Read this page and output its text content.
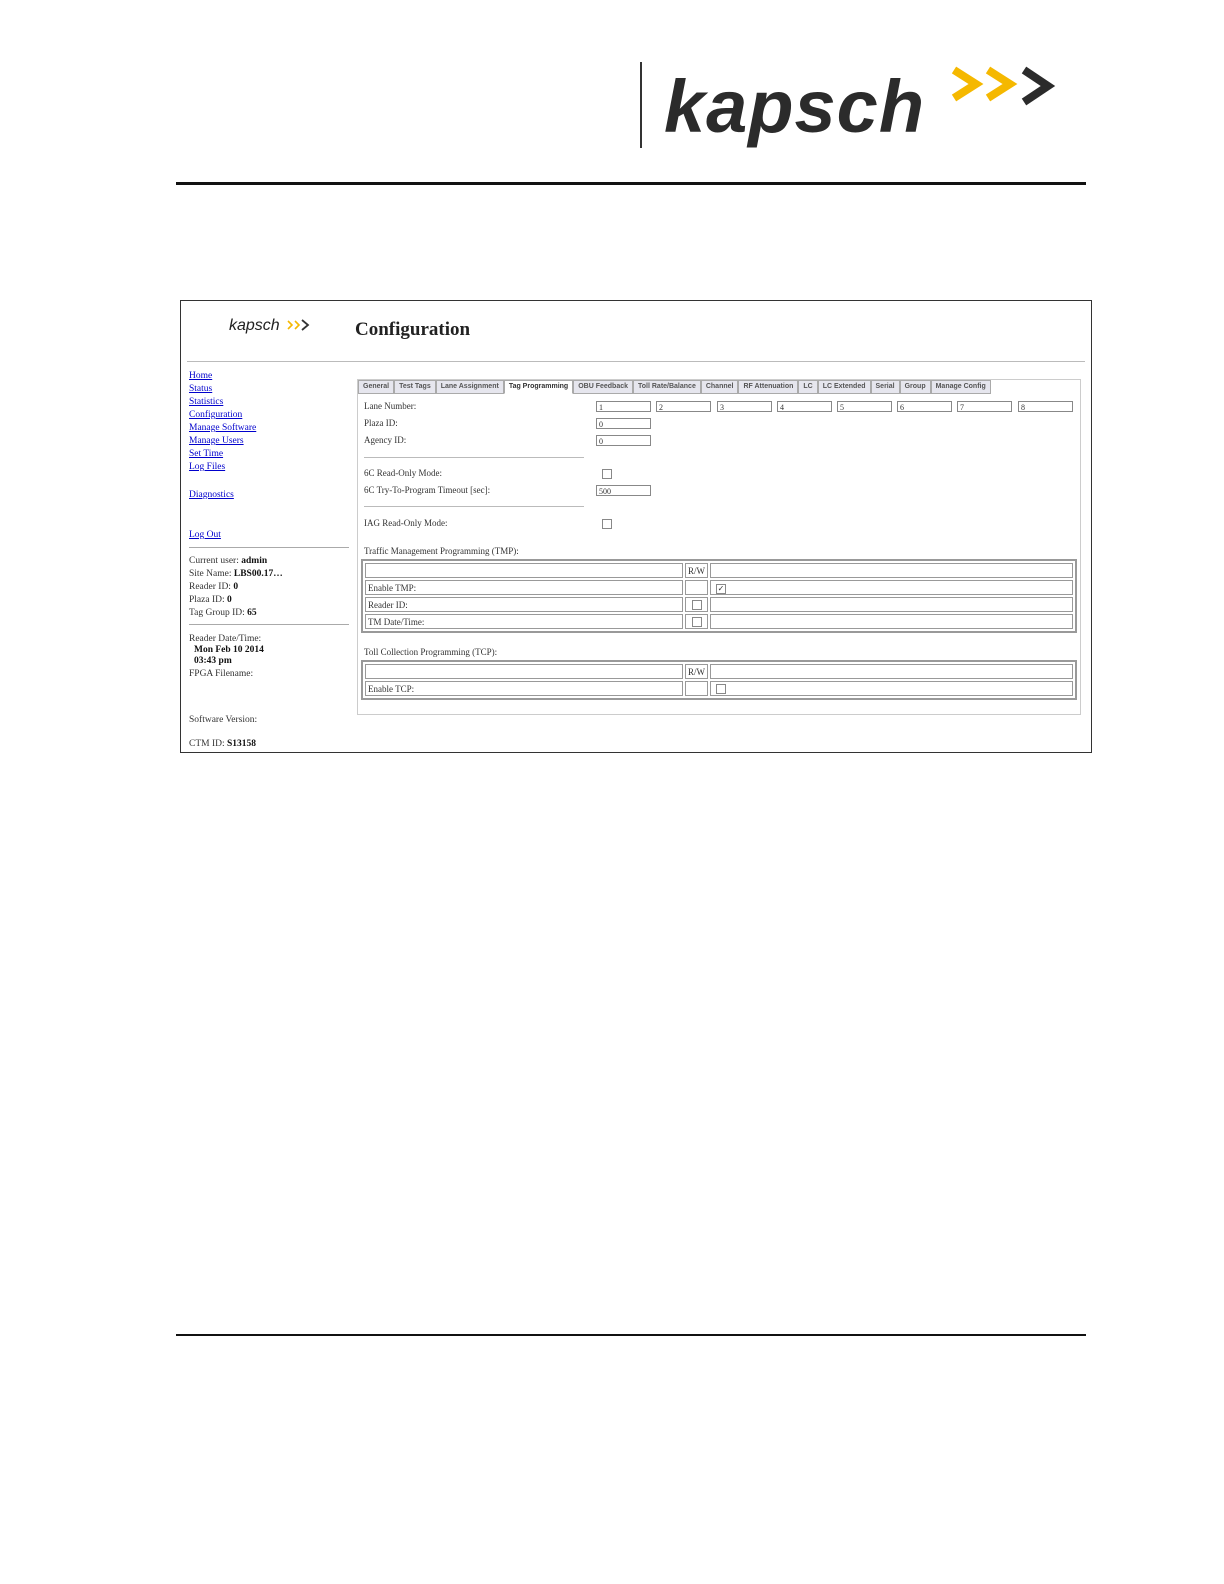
kapsch
kapsch	Configuration
Home
Status
Statistics
Configuration
Manage Software
Manage Users
Set Time
Log Files
Diagnostics
Log Out
Current user: admin
Site Name: LBS00.17…
Reader ID: 0
Plaza ID: 0
Tag Group ID: 65
Reader Date/Time:
Mon Feb 10 2014
03:43 pm
FPGA Filename:
Software Version:
CTM ID: S13158
General	Test Tags	Lane Assignment	Tag Programming	OBU Feedback	Toll Rate/Balance	Channel	RF Attenuation	LC	LC Extended	Serial	Group	Manage Config
Lane Number:	1	2	3	4	5	6	7	8
Plaza ID:	0
Agency ID:	0
6C Read-Only Mode:
6C Try-To-Program Timeout [sec]:	500
IAG Read-Only Mode:
Traffic Management Programming (TMP):
	R/W	
Enable TMP:		✓
Reader ID:		
TM Date/Time:		
Toll Collection Programming (TCP):
	R/W	
Enable TCP:		
